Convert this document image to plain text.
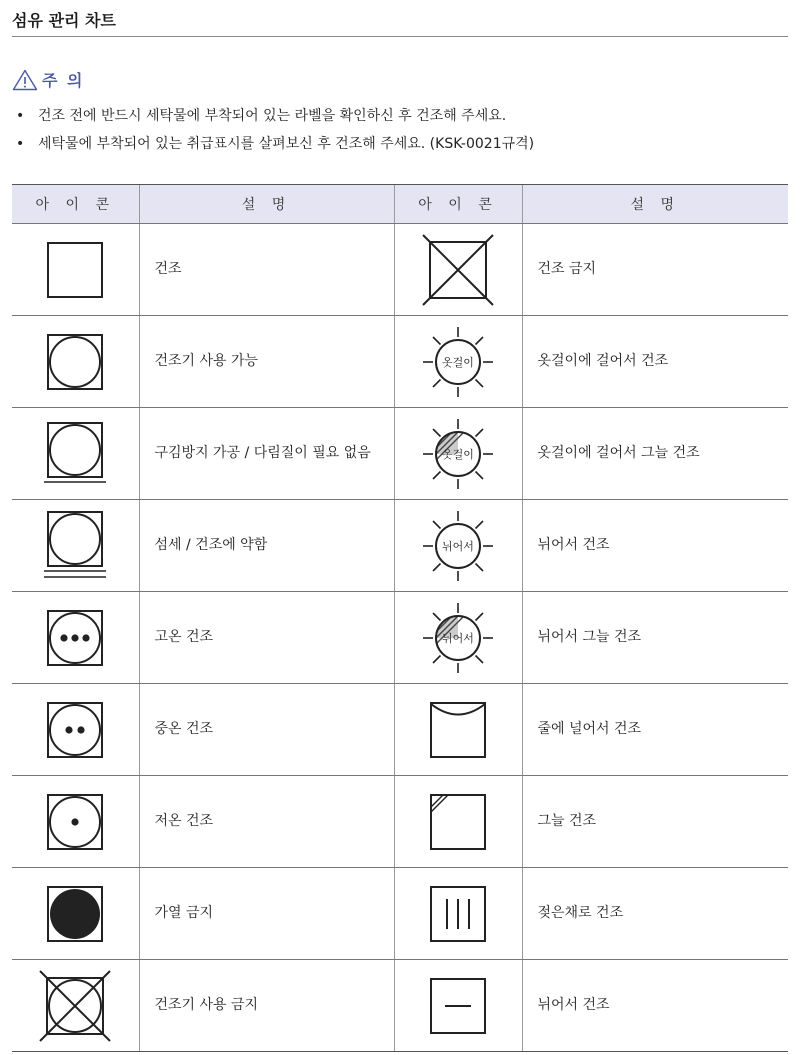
섬유 관리 차트
주 의
• 건조 전에 반드시 세탁물에 부착되어 있는 라벨을 확인하신 후 건조해 주세요.
• 세탁물에 부착되어 있는 취급표시를 살펴보신 후 건조해 주세요. (KSK-0021규격)
아 이 콘	설 명	아 이 콘	설 명

	건조		건조 금지

	건조기 사용 가능	옷걸이	옷걸이에 걸어서 건조

	구김방지 가공 / 다림질이 필요 없음	옷걸이	옷걸이에 걸어서 그늘 건조

	섬세 / 건조에 약함	뉘어서	뉘어서 건조

	고온 건조	뉘어서	뉘어서 그늘 건조

	중온 건조		줄에 널어서 건조

	저온 건조		그늘 건조

	가열 금지		젖은채로 건조

	건조기 사용 금지		뉘어서 건조
